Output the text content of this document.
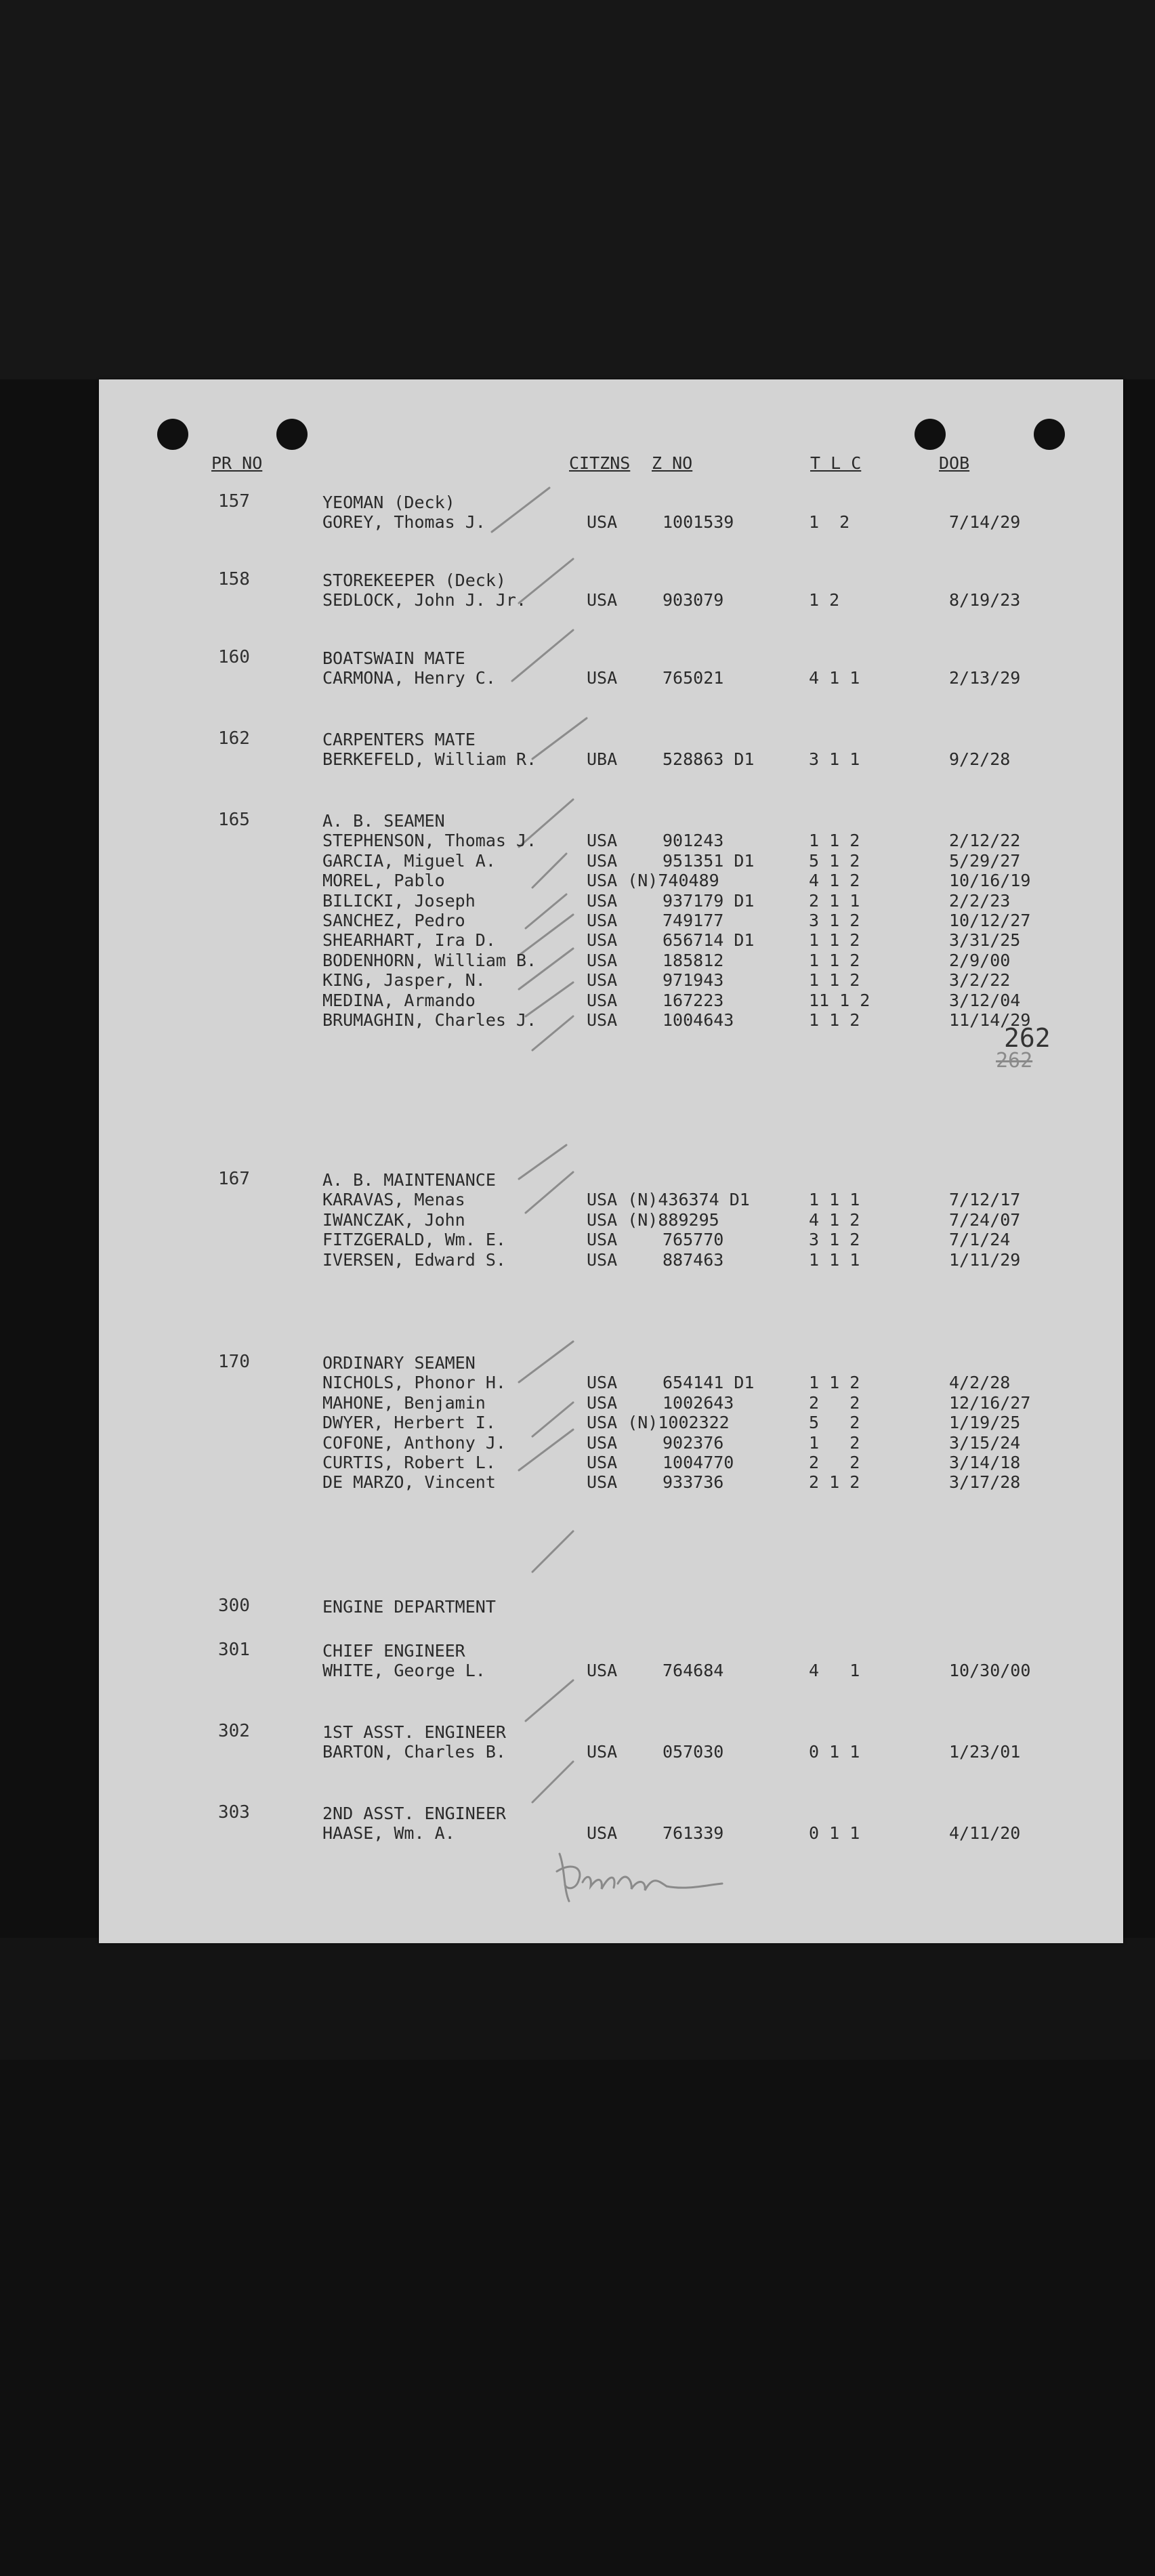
PR NO	CITZNS Z NO	T L C	DOB
157	YEOMAN (Deck)
GOREY, Thomas J.	USA	1001539	1  2	7/14/29
158	STOREKEEPER (Deck)
SEDLOCK, John J. Jr.	USA	903079	1 2	8/19/23
160	BOATSWAIN MATE
CARMONA, Henry C.	USA	765021	4 1 1	2/13/29
162	CARPENTERS MATE
BERKEFELD, William R.	UBA	528863 D1	3 1 1	9/2/28
165	A. B. SEAMEN
STEPHENSON, Thomas J.	USA	901243	1 1 2	2/12/22
GARCIA, Miguel A.	USA	951351 D1	5 1 2	5/29/27
MOREL, Pablo	USA (N)740489	4 1 2	10/16/19
BILICKI, Joseph	USA	937179 D1	2 1 1	2/2/23
SANCHEZ, Pedro	USA	749177	3 1 2	10/12/27
SHEARHART, Ira D.	USA	656714 D1	1 1 2	3/31/25
BODENHORN, William B.	USA	185812	1 1 2	2/9/00
KING, Jasper, N.	USA	971943	1 1 2	3/2/22
MEDINA, Armando	USA	167223	11 1 2	3/12/04
BRUMAGHIN, Charles J.	USA	1004643	1 1 2	11/14/29
167	A. B. MAINTENANCE
KARAVAS, Menas	USA (N)436374 D1	1 1 1	7/12/17
IWANCZAK, John	USA (N)889295	4 1 2	7/24/07
FITZGERALD, Wm. E.	USA	765770	3 1 2	7/1/24
IVERSEN, Edward S.	USA	887463	1 1 1	1/11/29
170	ORDINARY SEAMEN
NICHOLS, Phonor H.	USA	654141 D1	1 1 2	4/2/28
MAHONE, Benjamin	USA	1002643	2   2	12/16/27
DWYER, Herbert I.	USA (N)1002322	5   2	1/19/25
COFONE, Anthony J.	USA	902376	1   2	3/15/24
CURTIS, Robert L.	USA	1004770	2   2	3/14/18
DE MARZO, Vincent	USA	933736	2 1 2	3/17/28
300	ENGINE DEPARTMENT
301	CHIEF ENGINEER
WHITE, George L.	USA	764684	4   1	10/30/00
302	1ST ASST. ENGINEER
BARTON, Charles B.	USA	057030	0 1 1	1/23/01
303	2ND ASST. ENGINEER
HAASE, Wm. A.	USA	761339	0 1 1	4/11/20
262
262
